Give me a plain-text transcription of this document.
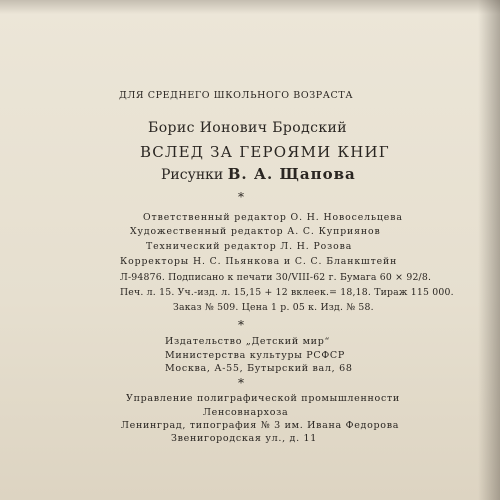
ДЛЯ СРЕДНЕГО ШКОЛЬНОГО ВОЗРАСТА
Борис Ионович Бродский
ВСЛЕД ЗА ГЕРОЯМИ КНИГ
Рисунки В. А. Щапова
*
Ответственный редактор О. Н. Новосельцева
Художественный редактор А. С. Куприянов
Технический редактор Л. Н. Розова
Корректоры Н. С. Пьянкова и С. С. Бланкштейн
Л-94876. Подписано к печати 30/VIII-62 г. Бумага 60 × 92/8.
Печ. л. 15. Уч.-изд. л. 15,15 + 12 вклеек.= 18,18. Тираж 115 000.
Заказ № 509. Цена 1 р. 05 к. Изд. № 58.
*
Издательство „Детский мир“
Министерства культуры РСФСР
Москва, А-55, Бутырский вал, 68
*
Управление полиграфической промышленности
Ленсовнархоза
Ленинград, типография № 3 им. Ивана Федорова
Звенигородская ул., д. 11
